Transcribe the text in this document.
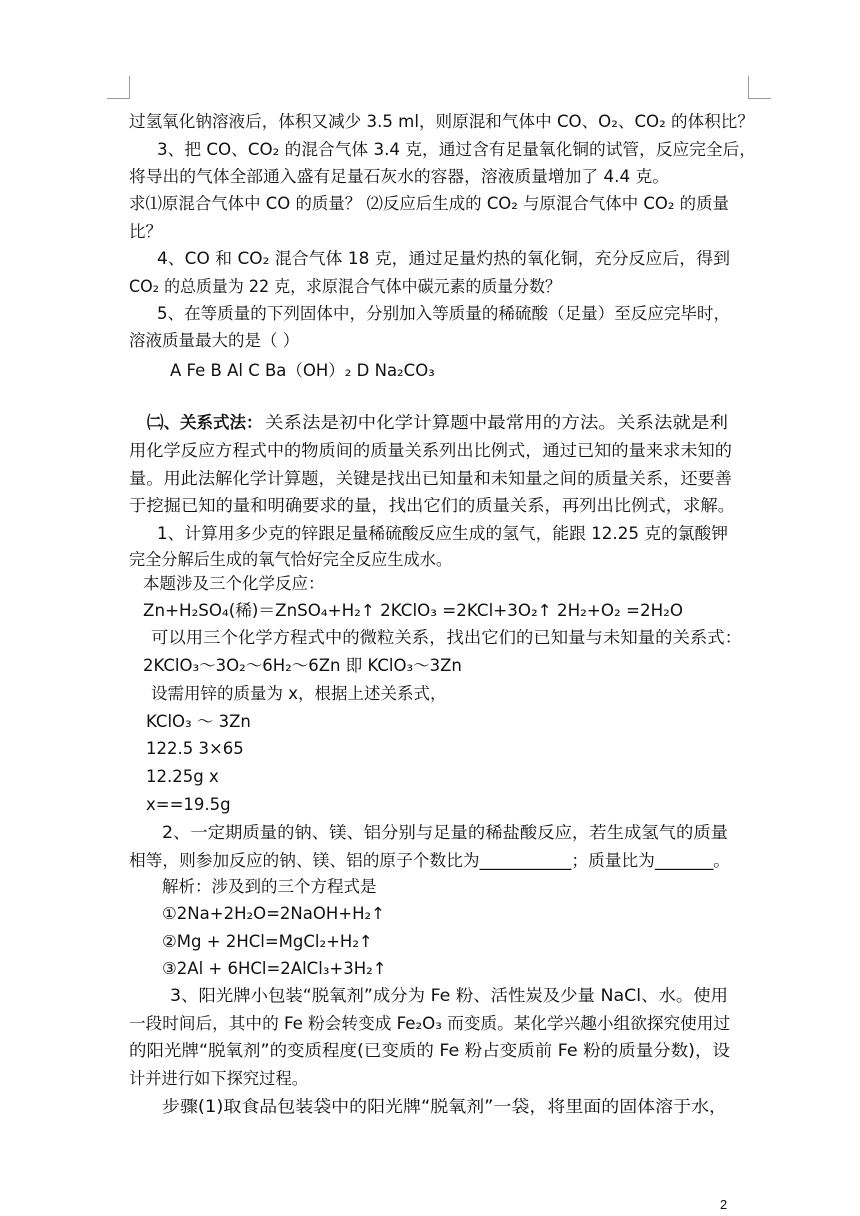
过氢氧化钠溶液后，体积又减少 3.5 ml，则原混和气体中 CO、O₂、CO₂ 的体积比？
3、把 CO、CO₂ 的混合气体 3.4 克，通过含有足量氧化铜的试管，反应完全后，
将导出的气体全部通入盛有足量石灰水的容器，溶液质量增加了 4.4 克。
求⑴原混合气体中 CO 的质量？ ⑵反应后生成的 CO₂ 与原混合气体中 CO₂ 的质量
比？
4、CO 和 CO₂ 混合气体 18 克，通过足量灼热的氧化铜，充分反应后，得到
CO₂ 的总质量为 22 克，求原混合气体中碳元素的质量分数？
5、在等质量的下列固体中，分别加入等质量的稀硫酸（足量）至反应完毕时，
溶液质量最大的是（ ）
A Fe B Al C Ba（OH）₂ D Na₂CO₃
㈡、关系式法： 关系法是初中化学计算题中最常用的方法。关系法就是利
用化学反应方程式中的物质间的质量关系列出比例式，通过已知的量来求未知的
量。用此法解化学计算题，关键是找出已知量和未知量之间的质量关系，还要善
于挖掘已知的量和明确要求的量，找出它们的质量关系，再列出比例式，求解。
1、计算用多少克的锌跟足量稀硫酸反应生成的氢气，能跟 12.25 克的氯酸钾
完全分解后生成的氧气恰好完全反应生成水。
本题涉及三个化学反应：
Zn+H₂SO₄(稀)＝ZnSO₄+H₂↑ 2KClO₃ =2KCl+3O₂↑ 2H₂+O₂ =2H₂O
可以用三个化学方程式中的微粒关系，找出它们的已知量与未知量的关系式：
2KClO₃～3O₂～6H₂～6Zn 即 KClO₃～3Zn
设需用锌的质量为 x，根据上述关系式，
KClO₃ ～ 3Zn
122.5 3×65
12.25g x
x==19.5g
2、一定期质量的钠、镁、铝分别与足量的稀盐酸反应，若生成氢气的质量
相等，则参加反应的钠、镁、铝的原子个数比为___________；质量比为_______。
解析：涉及到的三个方程式是
①2Na+2H₂O=2NaOH+H₂↑
②Mg + 2HCl=MgCl₂+H₂↑
③2Al + 6HCl=2AlCl₃+3H₂↑
3、阳光牌小包装“脱氧剂”成分为 Fe 粉、活性炭及少量 NaCl、水。使用
一段时间后，其中的 Fe 粉会转变成 Fe₂O₃ 而变质。某化学兴趣小组欲探究使用过
的阳光牌“脱氧剂”的变质程度(已变质的 Fe 粉占变质前 Fe 粉的质量分数)，设
计并进行如下探究过程。
步骤(1)取食品包装袋中的阳光牌“脱氧剂”一袋，将里面的固体溶于水，
2
